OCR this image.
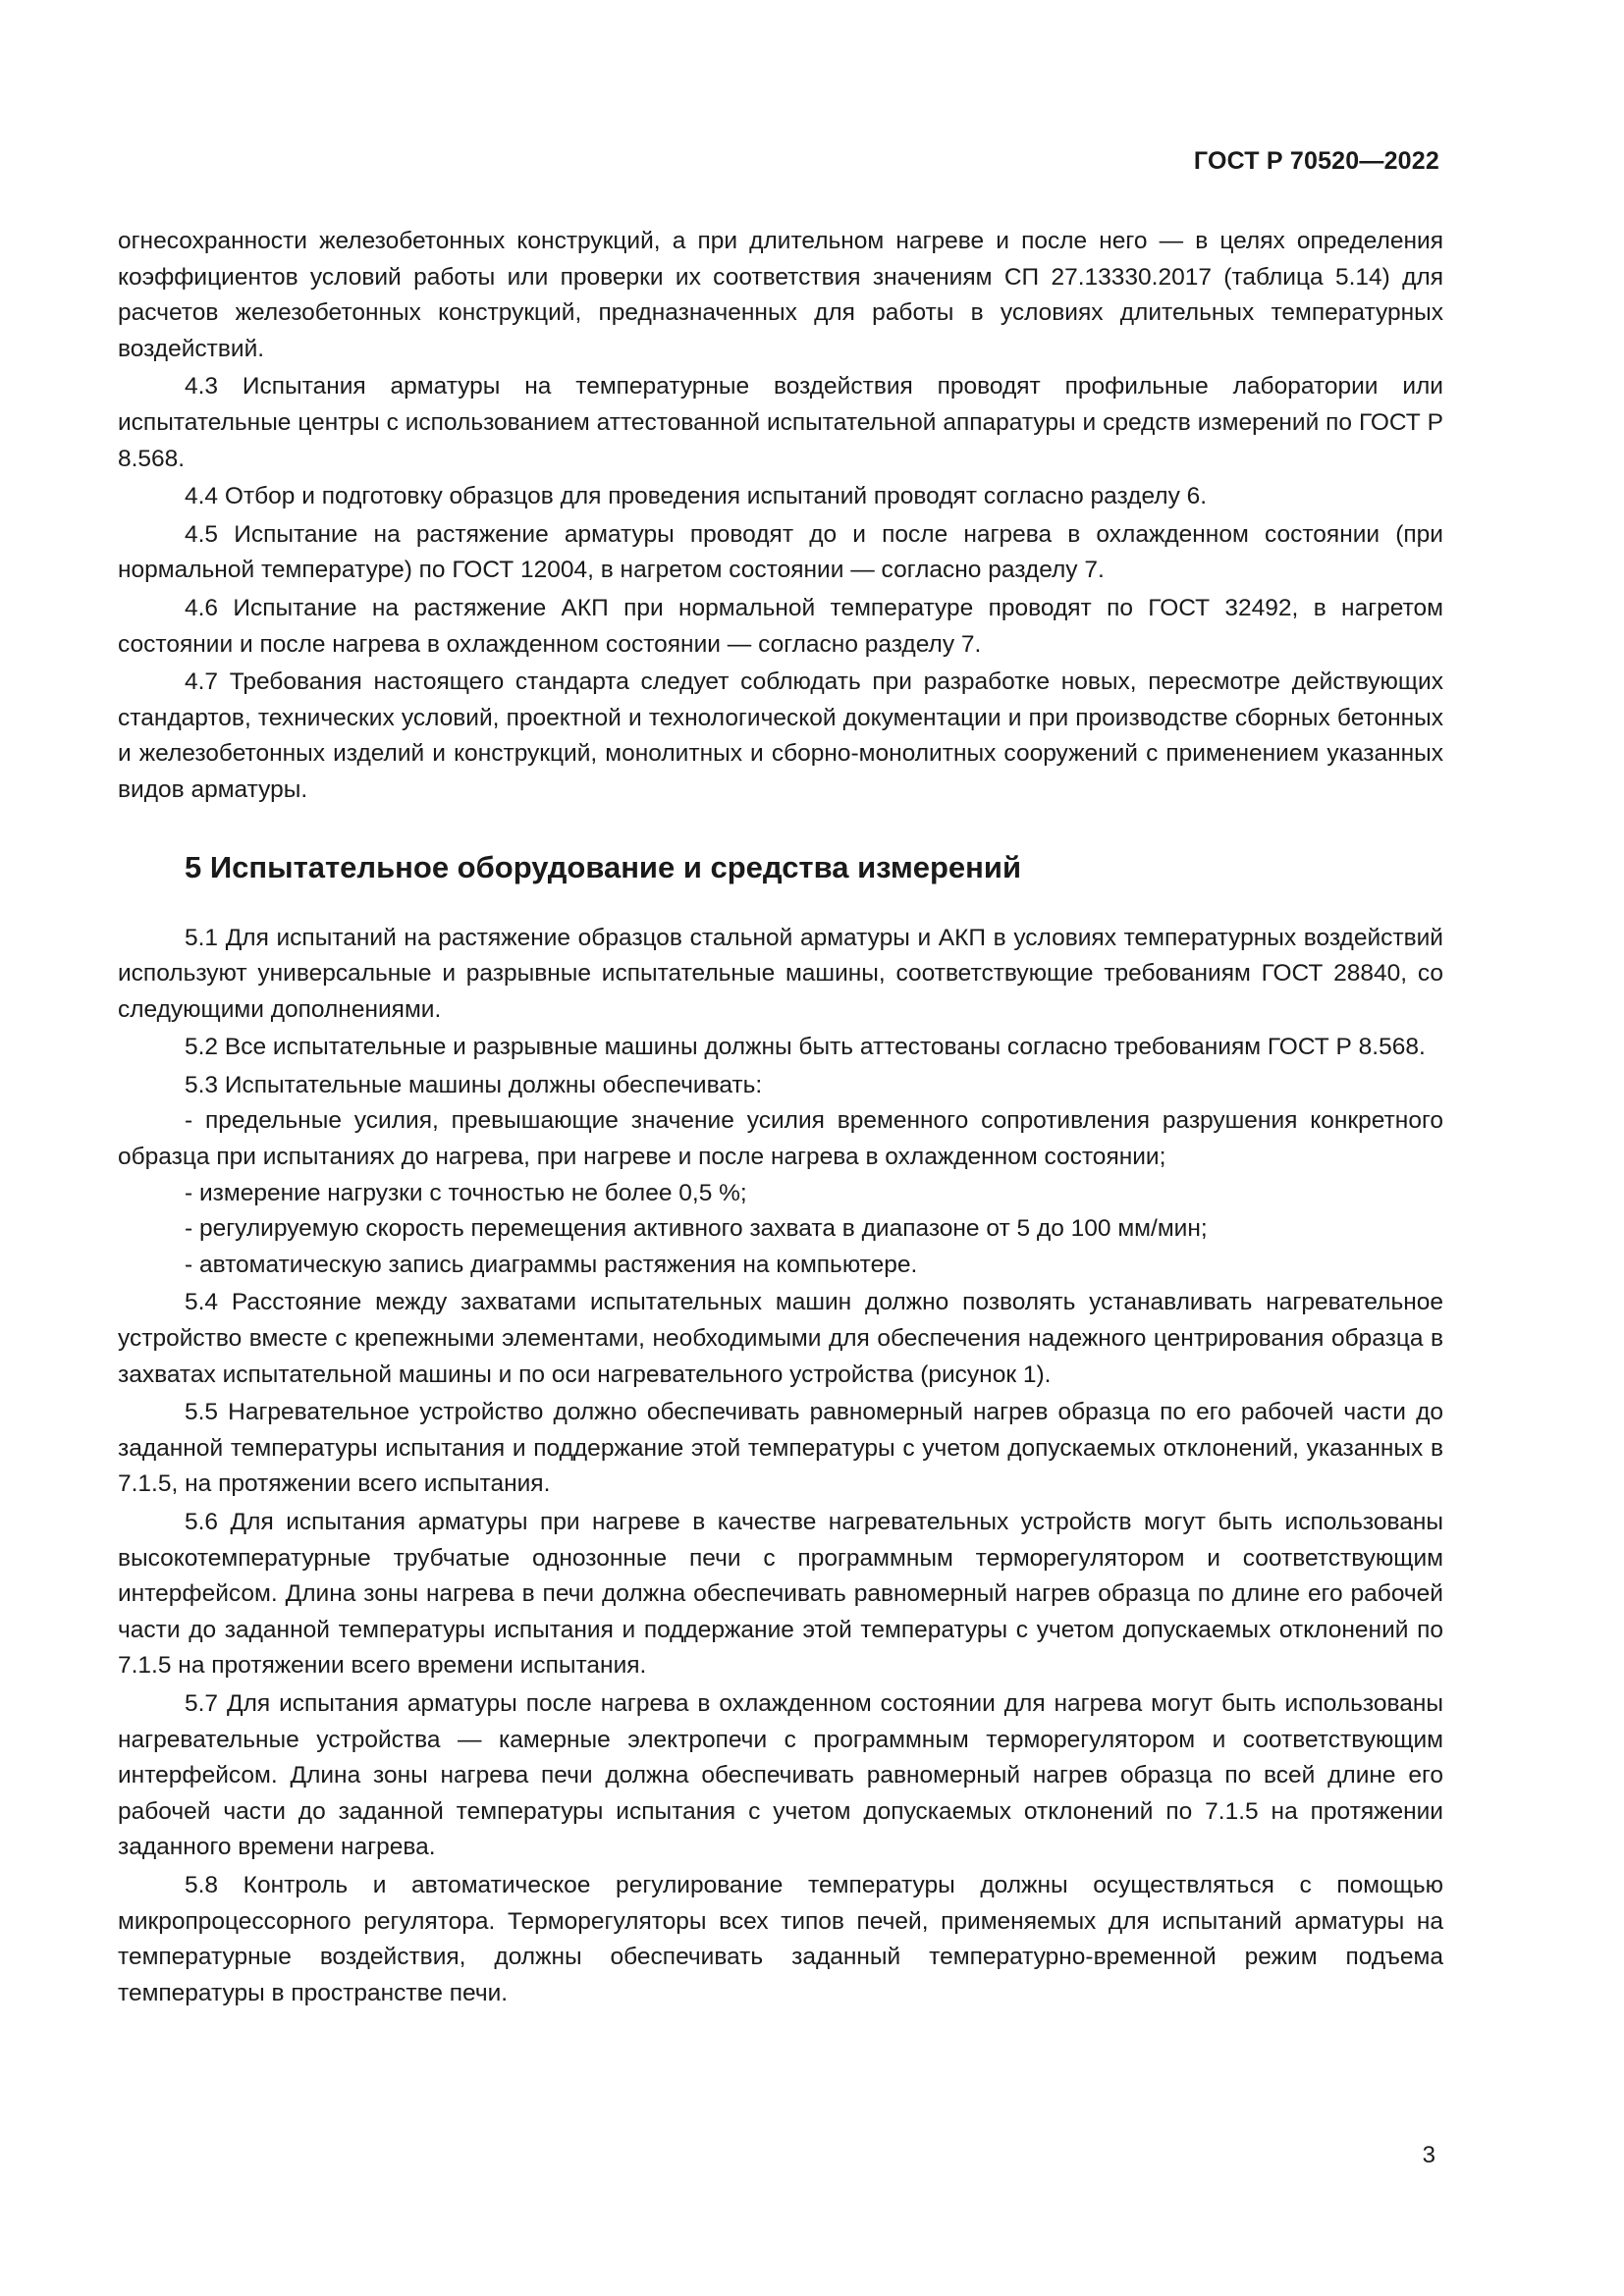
ГОСТ Р 70520—2022

огнесохранности железобетонных конструкций, а при длительном нагреве и после него — в целях определения коэффициентов условий работы или проверки их соответствия значениям СП 27.13330.2017 (таблица 5.14) для расчетов железобетонных конструкций, предназначенных для работы в условиях длительных температурных воздействий.

4.3 Испытания арматуры на температурные воздействия проводят профильные лаборатории или испытательные центры с использованием аттестованной испытательной аппаратуры и средств измерений по ГОСТ Р 8.568.

4.4 Отбор и подготовку образцов для проведения испытаний проводят согласно разделу 6.

4.5 Испытание на растяжение арматуры проводят до и после нагрева в охлажденном состоянии (при нормальной температуре) по ГОСТ 12004, в нагретом состоянии — согласно разделу 7.

4.6 Испытание на растяжение АКП при нормальной температуре проводят по ГОСТ 32492, в нагретом состоянии и после нагрева в охлажденном состоянии — согласно разделу 7.

4.7 Требования настоящего стандарта следует соблюдать при разработке новых, пересмотре действующих стандартов, технических условий, проектной и технологической документации и при производстве сборных бетонных и железобетонных изделий и конструкций, монолитных и сборно-монолитных сооружений с применением указанных видов арматуры.

5 Испытательное оборудование и средства измерений

5.1 Для испытаний на растяжение образцов стальной арматуры и АКП в условиях температурных воздействий используют универсальные и разрывные испытательные машины, соответствующие требованиям ГОСТ 28840, со следующими дополнениями.

5.2 Все испытательные и разрывные машины должны быть аттестованы согласно требованиям ГОСТ Р 8.568.

5.3 Испытательные машины должны обеспечивать:

- предельные усилия, превышающие значение усилия временного сопротивления разрушения конкретного образца при испытаниях до нагрева, при нагреве и после нагрева в охлажденном состоянии;

- измерение нагрузки с точностью не более 0,5 %;

- регулируемую скорость перемещения активного захвата в диапазоне от 5 до 100 мм/мин;

- автоматическую запись диаграммы растяжения на компьютере.

5.4 Расстояние между захватами испытательных машин должно позволять устанавливать нагревательное устройство вместе с крепежными элементами, необходимыми для обеспечения надежного центрирования образца в захватах испытательной машины и по оси нагревательного устройства (рисунок 1).

5.5 Нагревательное устройство должно обеспечивать равномерный нагрев образца по его рабочей части до заданной температуры испытания и поддержание этой температуры с учетом допускаемых отклонений, указанных в 7.1.5, на протяжении всего испытания.

5.6 Для испытания арматуры при нагреве в качестве нагревательных устройств могут быть использованы высокотемпературные трубчатые однозонные печи с программным терморегулятором и соответствующим интерфейсом. Длина зоны нагрева в печи должна обеспечивать равномерный нагрев образца по длине его рабочей части до заданной температуры испытания и поддержание этой температуры с учетом допускаемых отклонений по 7.1.5 на протяжении всего времени испытания.

5.7 Для испытания арматуры после нагрева в охлажденном состоянии для нагрева могут быть использованы нагревательные устройства — камерные электропечи с программным терморегулятором и соответствующим интерфейсом. Длина зоны нагрева печи должна обеспечивать равномерный нагрев образца по всей длине его рабочей части до заданной температуры испытания с учетом допускаемых отклонений по 7.1.5 на протяжении заданного времени нагрева.

5.8 Контроль и автоматическое регулирование температуры должны осуществляться с помощью микропроцессорного регулятора. Терморегуляторы всех типов печей, применяемых для испытаний арматуры на температурные воздействия, должны обеспечивать заданный температурно-временной режим подъема температуры в пространстве печи.

3
